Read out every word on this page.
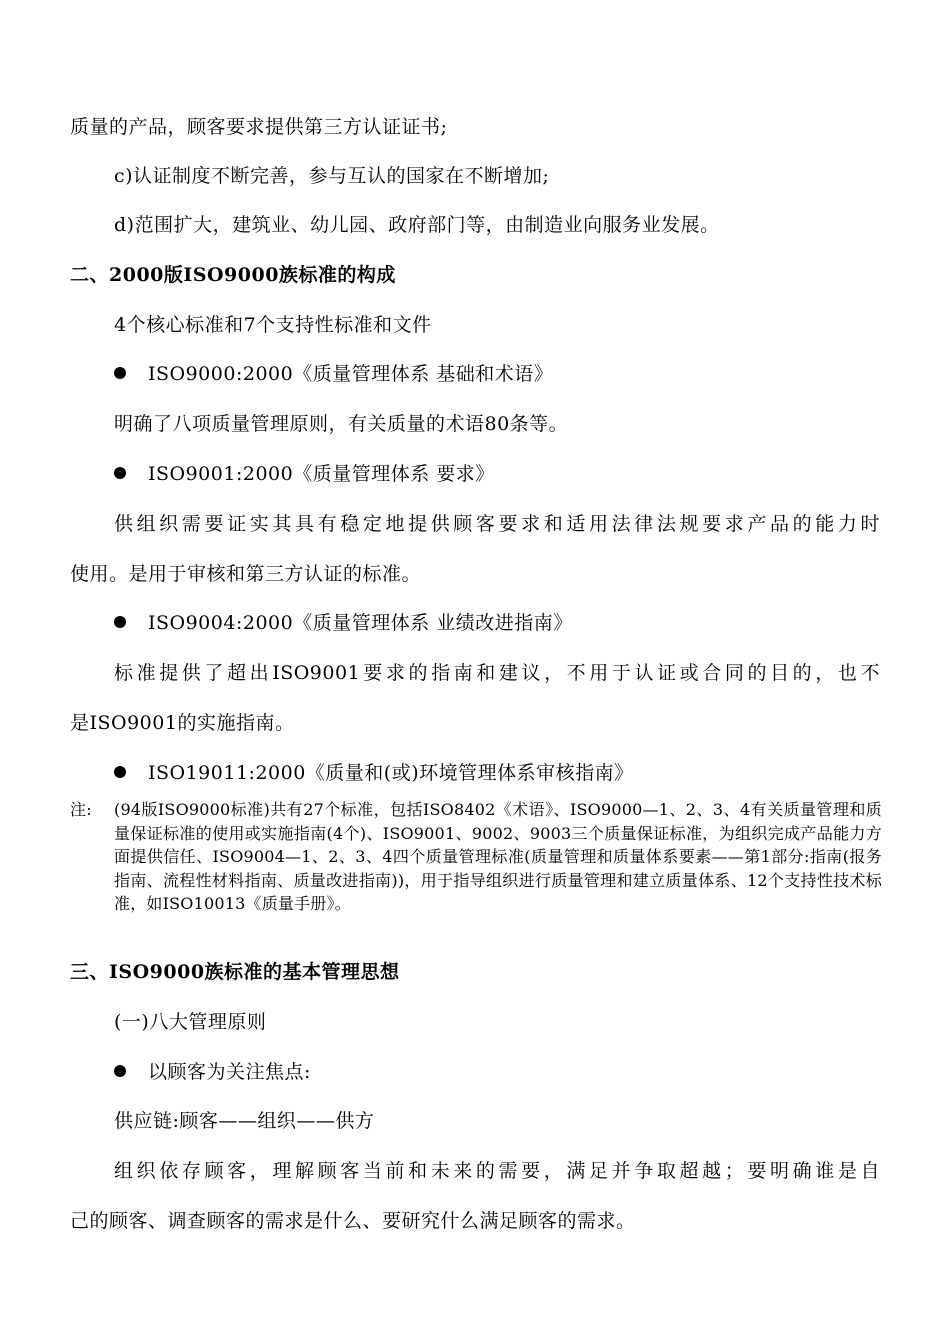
质量的产品，顾客要求提供第三方认证证书;
c)认证制度不断完善，参与互认的国家在不断增加;
d)范围扩大，建筑业、幼儿园、政府部门等，由制造业向服务业发展。
二、2000版ISO9000族标准的构成
4个核心标准和7个支持性标准和文件
ISO9000:2000《质量管理体系 基础和术语》
明确了八项质量管理原则，有关质量的术语80条等。
ISO9001:2000《质量管理体系 要求》
供组织需要证实其具有稳定地提供顾客要求和适用法律法规要求产品的能力时
使用。是用于审核和第三方认证的标准。
ISO9004:2000《质量管理体系 业绩改进指南》
标准提供了超出ISO9001要求的指南和建议，不用于认证或合同的目的，也不
是ISO9001的实施指南。
ISO19011:2000《质量和(或)环境管理体系审核指南》
注:	(94版ISO9000标准)共有27个标准，包括ISO8402《术语》、ISO9000—1、2、3、4有关质量管理和质量保证标准的使用或实施指南(4个)、ISO9001、9002、9003三个质量保证标准，为组织完成产品能力方面提供信任、ISO9004—1、2、3、4四个质量管理标准(质量管理和质量体系要素——第1部分:指南(报务指南、流程性材料指南、质量改进指南))，用于指导组织进行质量管理和建立质量体系、12个支持性技术标准，如ISO10013《质量手册》。
三、ISO9000族标准的基本管理思想
(一)八大管理原则
以顾客为关注焦点:
供应链:顾客——组织——供方
组织依存顾客，理解顾客当前和未来的需要，满足并争取超越；要明确谁是自
己的顾客、调查顾客的需求是什么、要研究什么满足顾客的需求。
